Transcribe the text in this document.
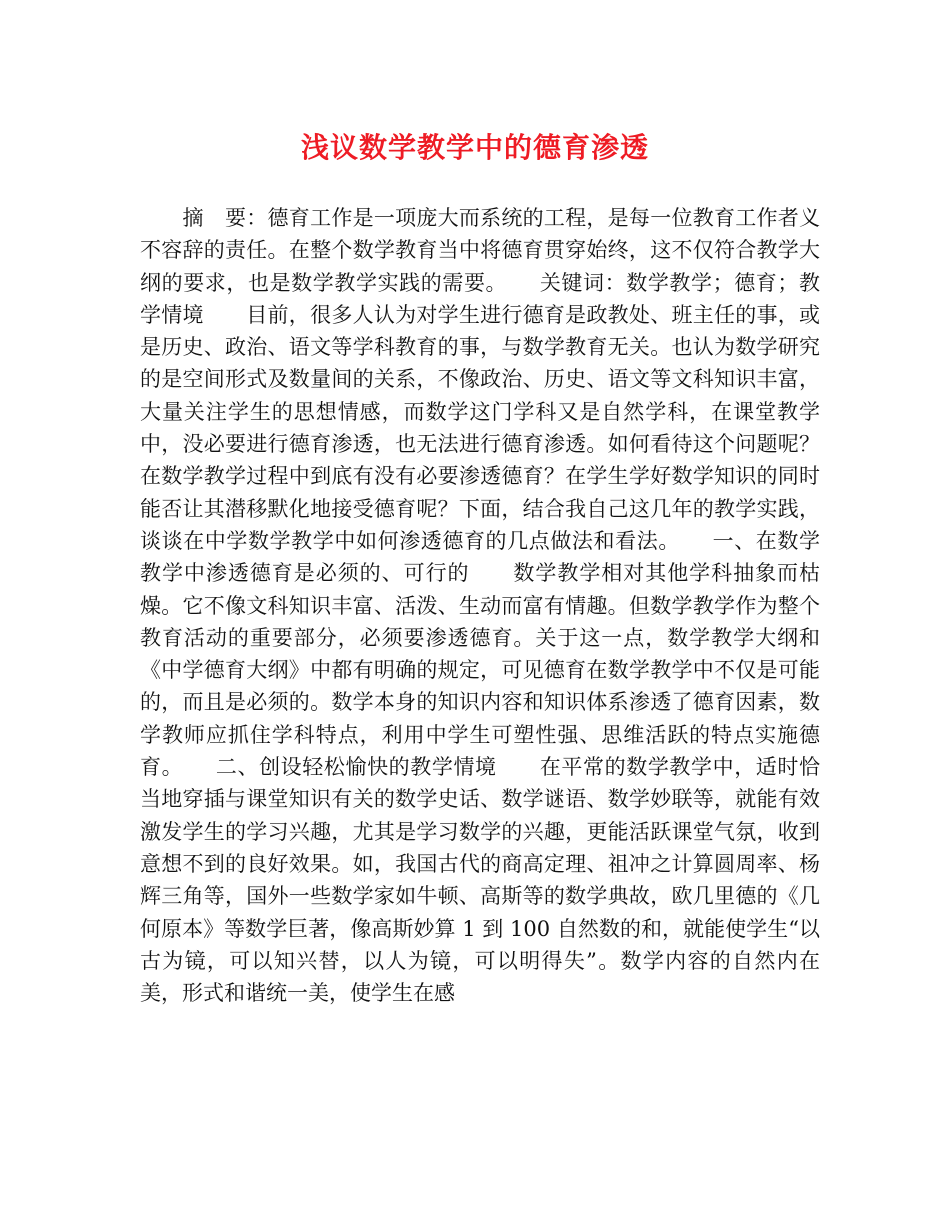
浅议数学教学中的德育渗透

　　摘　要：德育工作是一项庞大而系统的工程，是每一位教育工作者义不容辞的责任。在整个数学教育当中将德育贯穿始终，这不仅符合教学大纲的要求，也是数学教学实践的需要。　　关键词：数学教学；德育；教学情境　　目前，很多人认为对学生进行德育是政教处、班主任的事，或是历史、政治、语文等学科教育的事，与数学教育无关。也认为数学研究的是空间形式及数量间的关系，不像政治、历史、语文等文科知识丰富，大量关注学生的思想情感，而数学这门学科又是自然学科，在课堂教学中，没必要进行德育渗透，也无法进行德育渗透。如何看待这个问题呢？在数学教学过程中到底有没有必要渗透德育？在学生学好数学知识的同时能否让其潜移默化地接受德育呢？下面，结合我自己这几年的教学实践，谈谈在中学数学教学中如何渗透德育的几点做法和看法。　　一、在数学教学中渗透德育是必须的、可行的　　数学教学相对其他学科抽象而枯燥。它不像文科知识丰富、活泼、生动而富有情趣。但数学教学作为整个教育活动的重要部分，必须要渗透德育。关于这一点，数学教学大纲和《中学德育大纲》中都有明确的规定，可见德育在数学教学中不仅是可能的，而且是必须的。数学本身的知识内容和知识体系渗透了德育因素，数学教师应抓住学科特点，利用中学生可塑性强、思维活跃的特点实施德育。　　二、创设轻松愉快的教学情境　　在平常的数学教学中，适时恰当地穿插与课堂知识有关的数学史话、数学谜语、数学妙联等，就能有效激发学生的学习兴趣，尤其是学习数学的兴趣，更能活跃课堂气氛，收到意想不到的良好效果。如，我国古代的商高定理、祖冲之计算圆周率、杨辉三角等，国外一些数学家如牛顿、高斯等的数学典故，欧几里德的《几何原本》等数学巨著，像高斯妙算 1 到 100 自然数的和，就能使学生“以古为镜，可以知兴替，以人为镜，可以明得失”。数学内容的自然内在美，形式和谐统一美，使学生在感
